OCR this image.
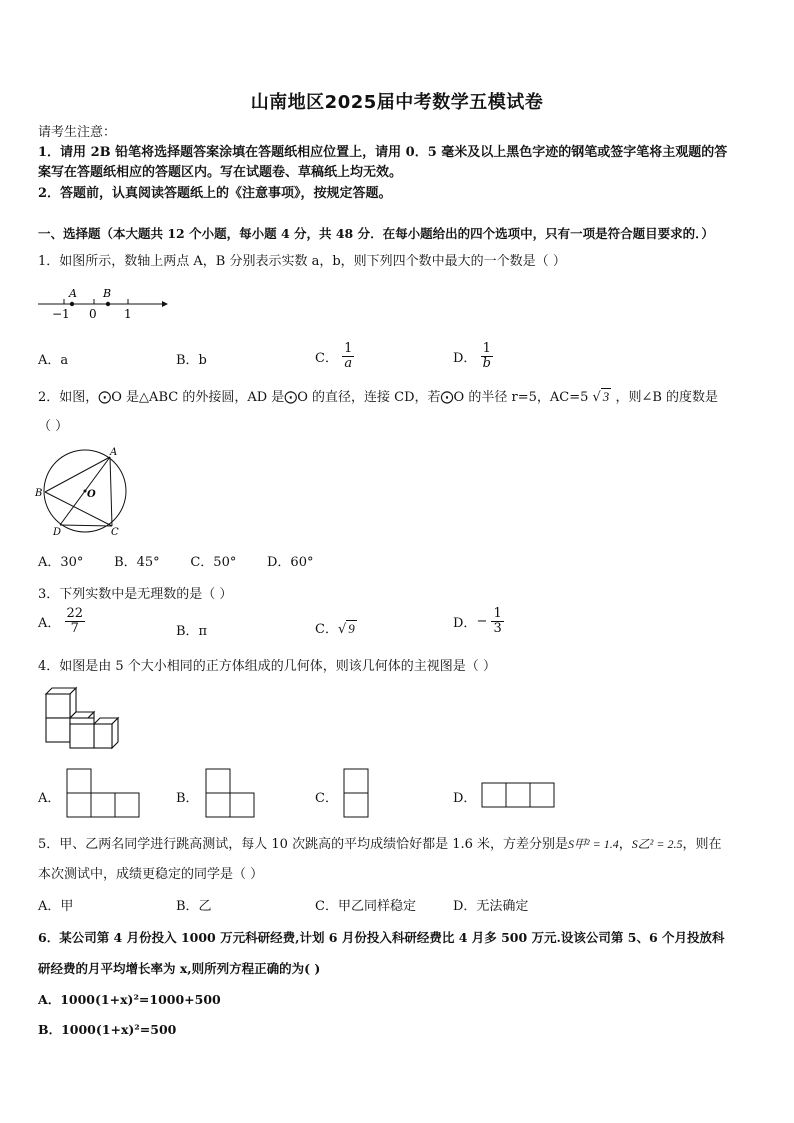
山南地区2025届中考数学五模试卷
请考生注意：
1．请用 2B 铅笔将选择题答案涂填在答题纸相应位置上，请用 0．5 毫米及以上黑色字迹的钢笔或签字笔将主观题的答
案写在答题纸相应的答题区内。写在试题卷、草稿纸上均无效。
2．答题前，认真阅读答题纸上的《注意事项》，按规定答题。
一、选择题（本大题共 12 个小题，每小题 4 分，共 48 分．在每小题给出的四个选项中，只有一项是符合题目要求的．）
1．如图所示，数轴上两点 A，B 分别表示实数 a，b，则下列四个数中最大的一个数是（ ）
A B
−1 0 1
A．a	B．b	C． $\frac{1}{a}$	D． $\frac{1}{b}$
2．如图，⨀O 是△ABC 的外接圆，AD 是⨀O 的直径，连接 CD，若⨀O 的半径 r=5，AC=5 √ 3 ，则∠B 的度数是
（ ）
A
B	O
D	C
A．30°     B．45°     C．50°     D．60°
3．下列实数中是无理数的是（ ）
A． $\frac{22}{7}$	B．π	C．√ 9	D．− $\frac{1}{3}$
4．如图是由 5 个大小相同的正方体组成的几何体，则该几何体的主视图是（ ）
A．	B．	C．	D．
5．甲、乙两名同学进行跳高测试，每人 10 次跳高的平均成绩恰好都是 1.6 米，方差分别是S甲² = 1.4，S乙² = 2.5，则在
本次测试中，成绩更稳定的同学是（ ）
A．甲	B．乙	C．甲乙同样稳定	D．无法确定
6．某公司第 4 月份投入 1000 万元科研经费,计划 6 月份投入科研经费比 4 月多 500 万元.设该公司第 5、6 个月投放科
研经费的月平均增长率为 x,则所列方程正确的为( )
A．1000(1+x)²=1000+500
B．1000(1+x)²=500
